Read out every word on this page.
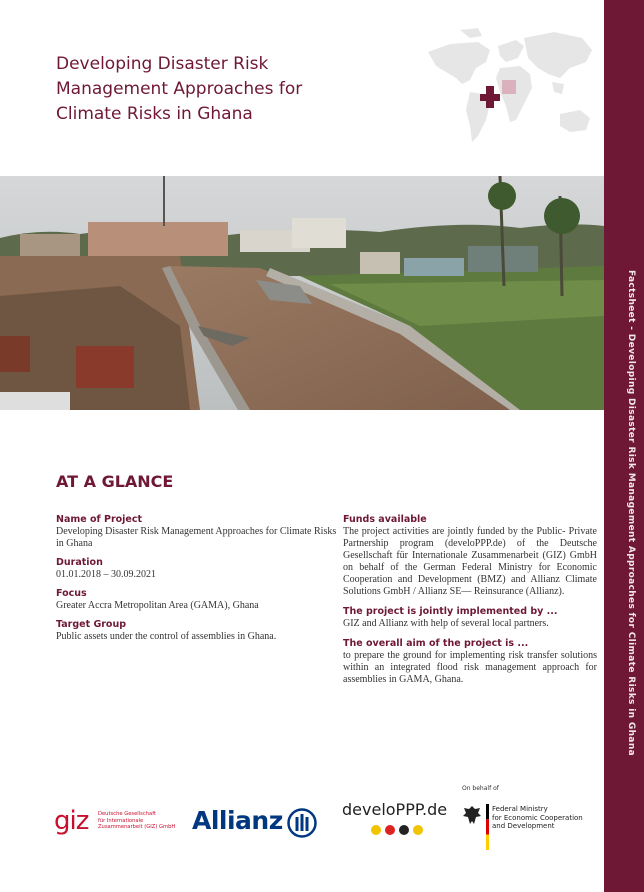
Factsheet - Developing Disaster Risk Management Approaches for Climate Risks in Ghana
Developing Disaster Risk
Management Approaches for
Climate Risks in Ghana
AT A GLANCE
Name of Project
Developing Disaster Risk Management Approaches for Climate Risks in Ghana
Duration
01.01.2018 – 30.09.2021
Focus
Greater Accra Metropolitan Area (GAMA), Ghana
Target Group
Public assets under the control of assemblies in Ghana.
Funds available
The project activities are jointly funded by the Public- Private Partnership program (develoPPP.de) of the Deutsche Gesellschaft für Internationale Zusammenarbeit (GIZ) GmbH on behalf of the German Federal Ministry for Economic Cooperation and Development (BMZ) and Allianz Climate Solutions GmbH / Allianz SE— Reinsurance (Allianz).
The project is jointly implemented by ...
GIZ and Allianz with help of several local partners.
The overall aim of the project is ...
to prepare the ground for implementing risk transfer solutions within an integrated flood risk management approach for assemblies in GAMA, Ghana.
giz Deutsche Gesellschaft
für Internationale
Zusammenarbeit (GIZ) GmbH Allianz	develoPPP.de
On behalf of
Federal Ministry
for Economic Cooperation
and Development
